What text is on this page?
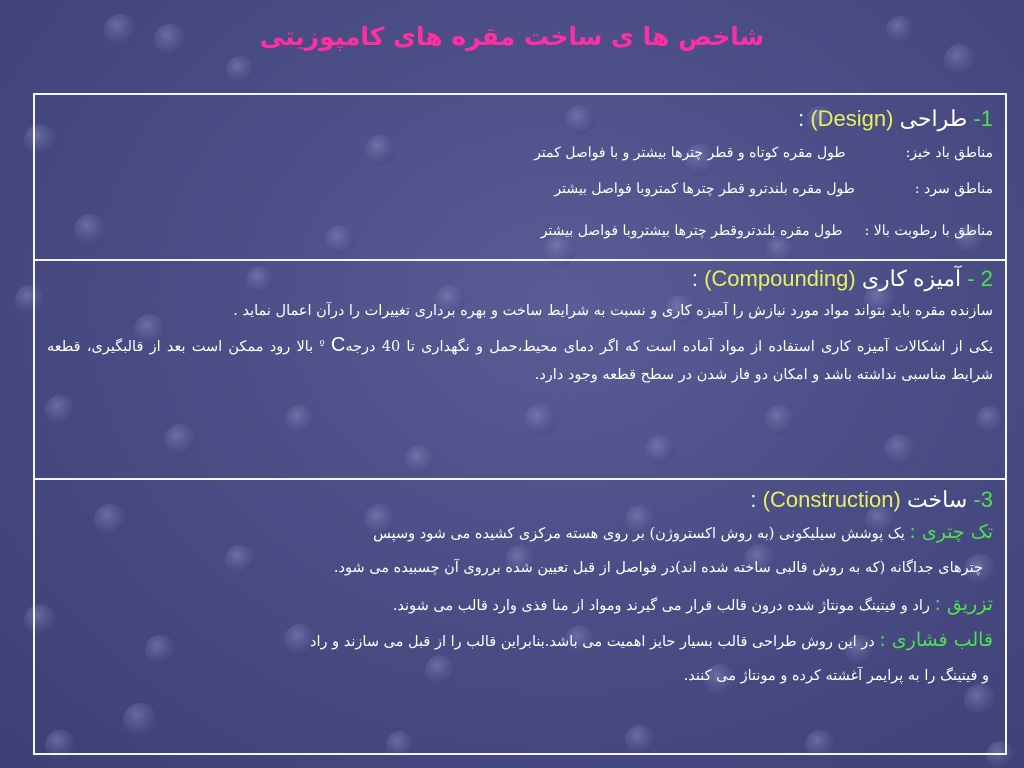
شاخص ها ی ساخت مقره های کامپوزیتی
1- طراحی (Design) :
مناطق باد خیز:طول مقره کوتاه و قطر چترها بیشتر و با فواصل کمتر
مناطق سرد :طول مقره بلندترو قطر چترها کمتروبا فواصل بیشتر
مناطق با رطوبت بالا :طول مقره بلندتروقطر چترها بیشتروبا فواصل بیشتر
2 - آمیزه کاری (Compounding) :
سازنده مقره باید بتواند مواد مورد نیازش را آمیزه کاری و نسبت به شرایط ساخت و بهره برداری تغییرات را درآن اعمال نماید .
یکی از اشکالات آمیزه کاری استفاده از مواد آماده است که اگر دمای محیط،حمل و نگهداری تا 40 درجه$^º$ C بالا رود ممکن است بعد از قالبگیری، قطعه شرایط مناسبی نداشته باشد و امکان دو فاز شدن در سطح قطعه وجود دارد.
3- ساخت (Construction) :
تک چتری : یک پوشش سیلیکونی (به روش اکستروژن) بر روی هسته مرکزی کشیده می شود وسپس
چترهای جداگانه (که به روش قالبی ساخته شده اند)در فواصل از قبل تعیین شده برروی آن چسبیده می شود.
تزریق : راد و فیتینگ مونتاژ شده درون قالب قرار می گیرند ومواد از منا فذی وارد قالب می شوند.
قالب فشاری : در این روش طراحی قالب بسیار حایز اهمیت می باشد.بنابراین قالب را از قبل می سازند و راد
و فیتینگ را به پرایمر آغشته کرده و مونتاژ می کنند.
